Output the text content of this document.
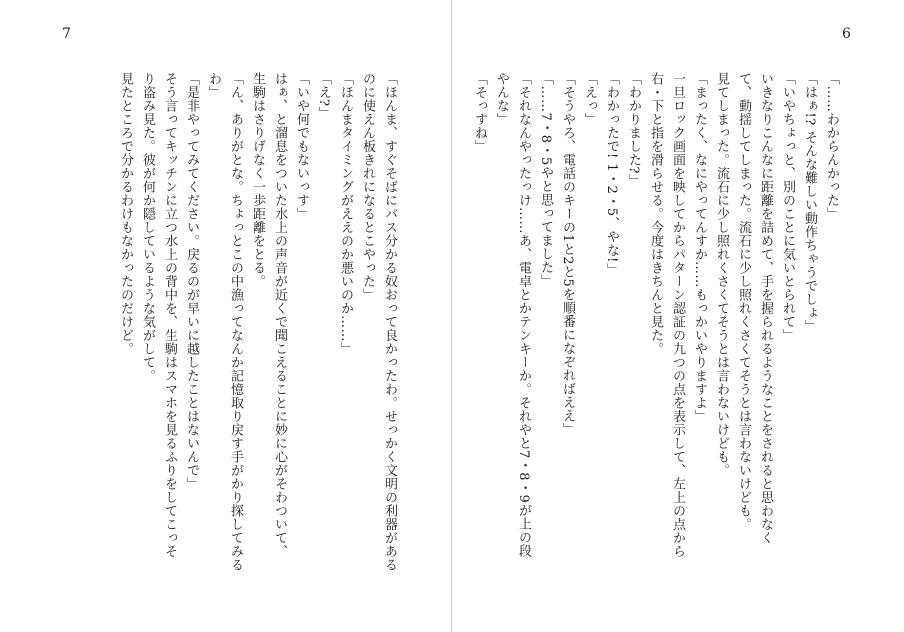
7
「ほんま、すぐそばにパス分かる奴おって良かったわ。せっかく文明の利器がある
のに使えん板きれになるとこやった」
「ほんまタイミングがええのか悪いのか……」
「え?」
「いや何でもないっす」
はぁ、と溜息をついた水上の声音が近くで聞こえることに妙に心がそわついて、
生駒はさりげなく一歩距離をとる。
「ん、ありがとな。ちょっとこの中漁ってなんか記憶取り戻す手がかり探してみる
わ」
「是非やってみてください。戻るのが早いに越したことはないんで」
そう言ってキッチンに立つ水上の背中を、生駒はスマホを見るふりをしてこっそ
り盗み見た。彼が何か隠しているような気がして。
見たところで分かるわけもなかったのだけど。
6
「……わからんかった」
「はぁ!? そんな難しい動作ちゃうでしょ」
「いやちょっと、別のことに気いとられて」
いきなりこんなに距離を詰めて、手を握られるようなことをされると思わなく
て、動揺してしまった。流石に少し照れくさくてそうとは言わないけども。
見てしまった。流石に少し照れくさくてそうとは言わないけども。
「まったく、なにやってんすか……もっかいやりますよ」
一旦ロック画面を映してからパターン認証の九つの点を表示して、左上の点から
右・下と指を滑らせる。今度はきちんと見た。
「わかりました?」
「わかったで! 1・2・5、やな!」
「えっ」
「そうやろ、電話のキーの1と2と5を順番になぞればええ」
「……7・8・5やと思ってました」
「それなんやったっけ……あ、電卓とかテンキーか。それやと7・8・9が上の段
やんな」
「そっすね」
